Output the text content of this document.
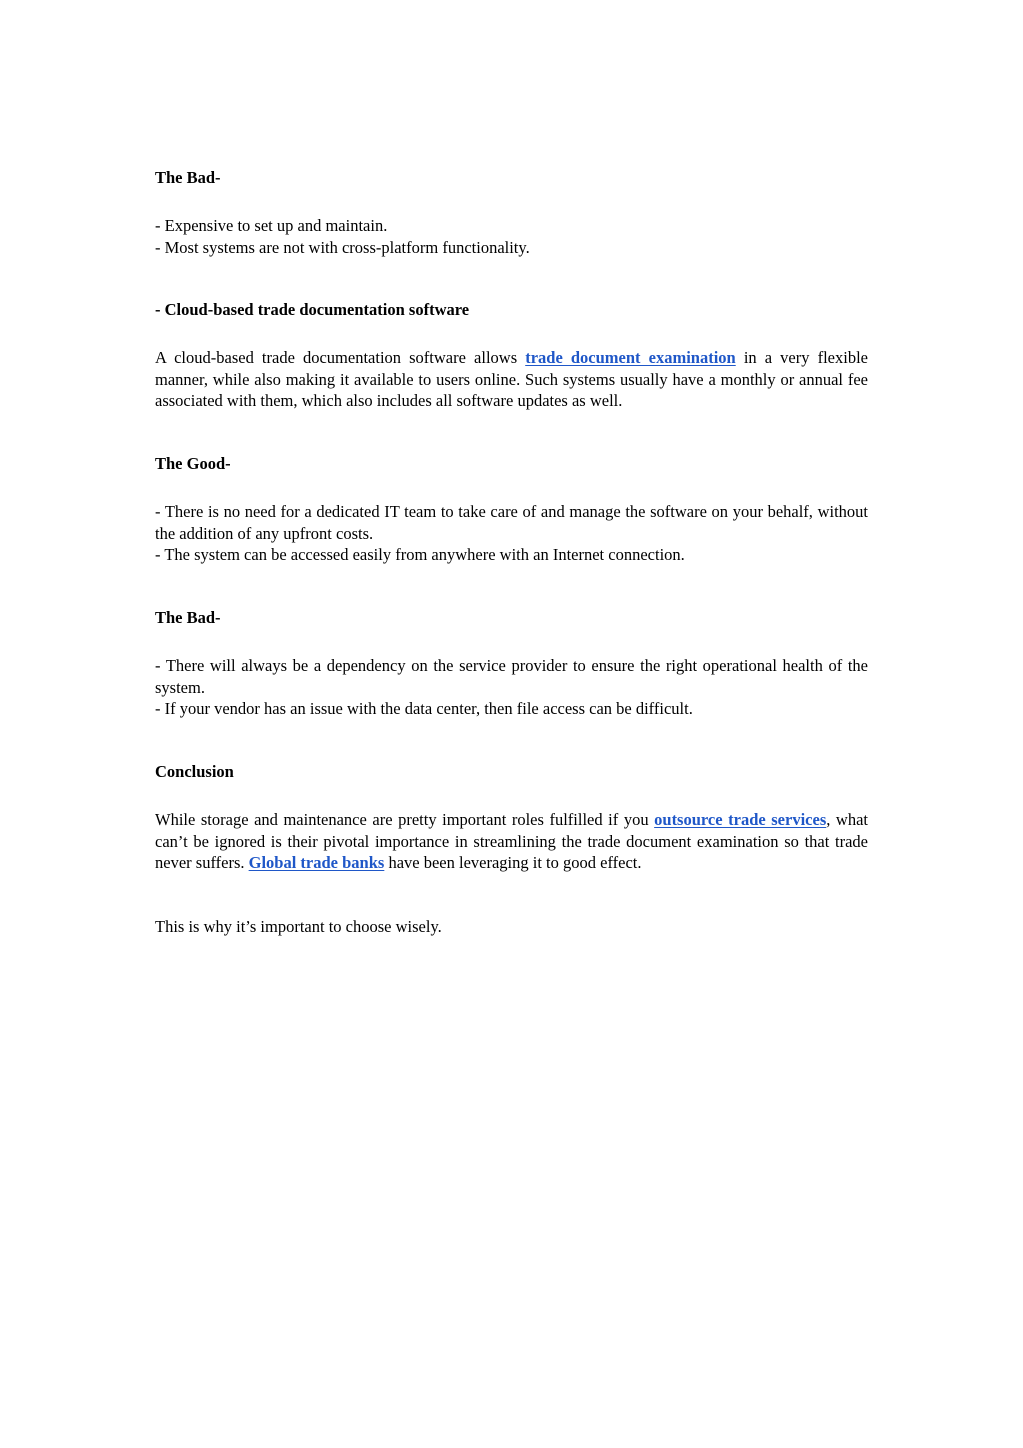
The Bad-

- Expensive to set up and maintain.
- Most systems are not with cross-platform functionality.

- Cloud-based trade documentation software

A cloud-based trade documentation software allows trade document examination in a very flexible manner, while also making it available to users online. Such systems usually have a monthly or annual fee associated with them, which also includes all software updates as well.

The Good-

- There is no need for a dedicated IT team to take care of and manage the software on your behalf, without the addition of any upfront costs.
- The system can be accessed easily from anywhere with an Internet connection.

The Bad-

- There will always be a dependency on the service provider to ensure the right operational health of the system.
- If your vendor has an issue with the data center, then file access can be difficult.

Conclusion

While storage and maintenance are pretty important roles fulfilled if you outsource trade services, what can’t be ignored is their pivotal importance in streamlining the trade document examination so that trade never suffers. Global trade banks have been leveraging it to good effect.

This is why it’s important to choose wisely.
